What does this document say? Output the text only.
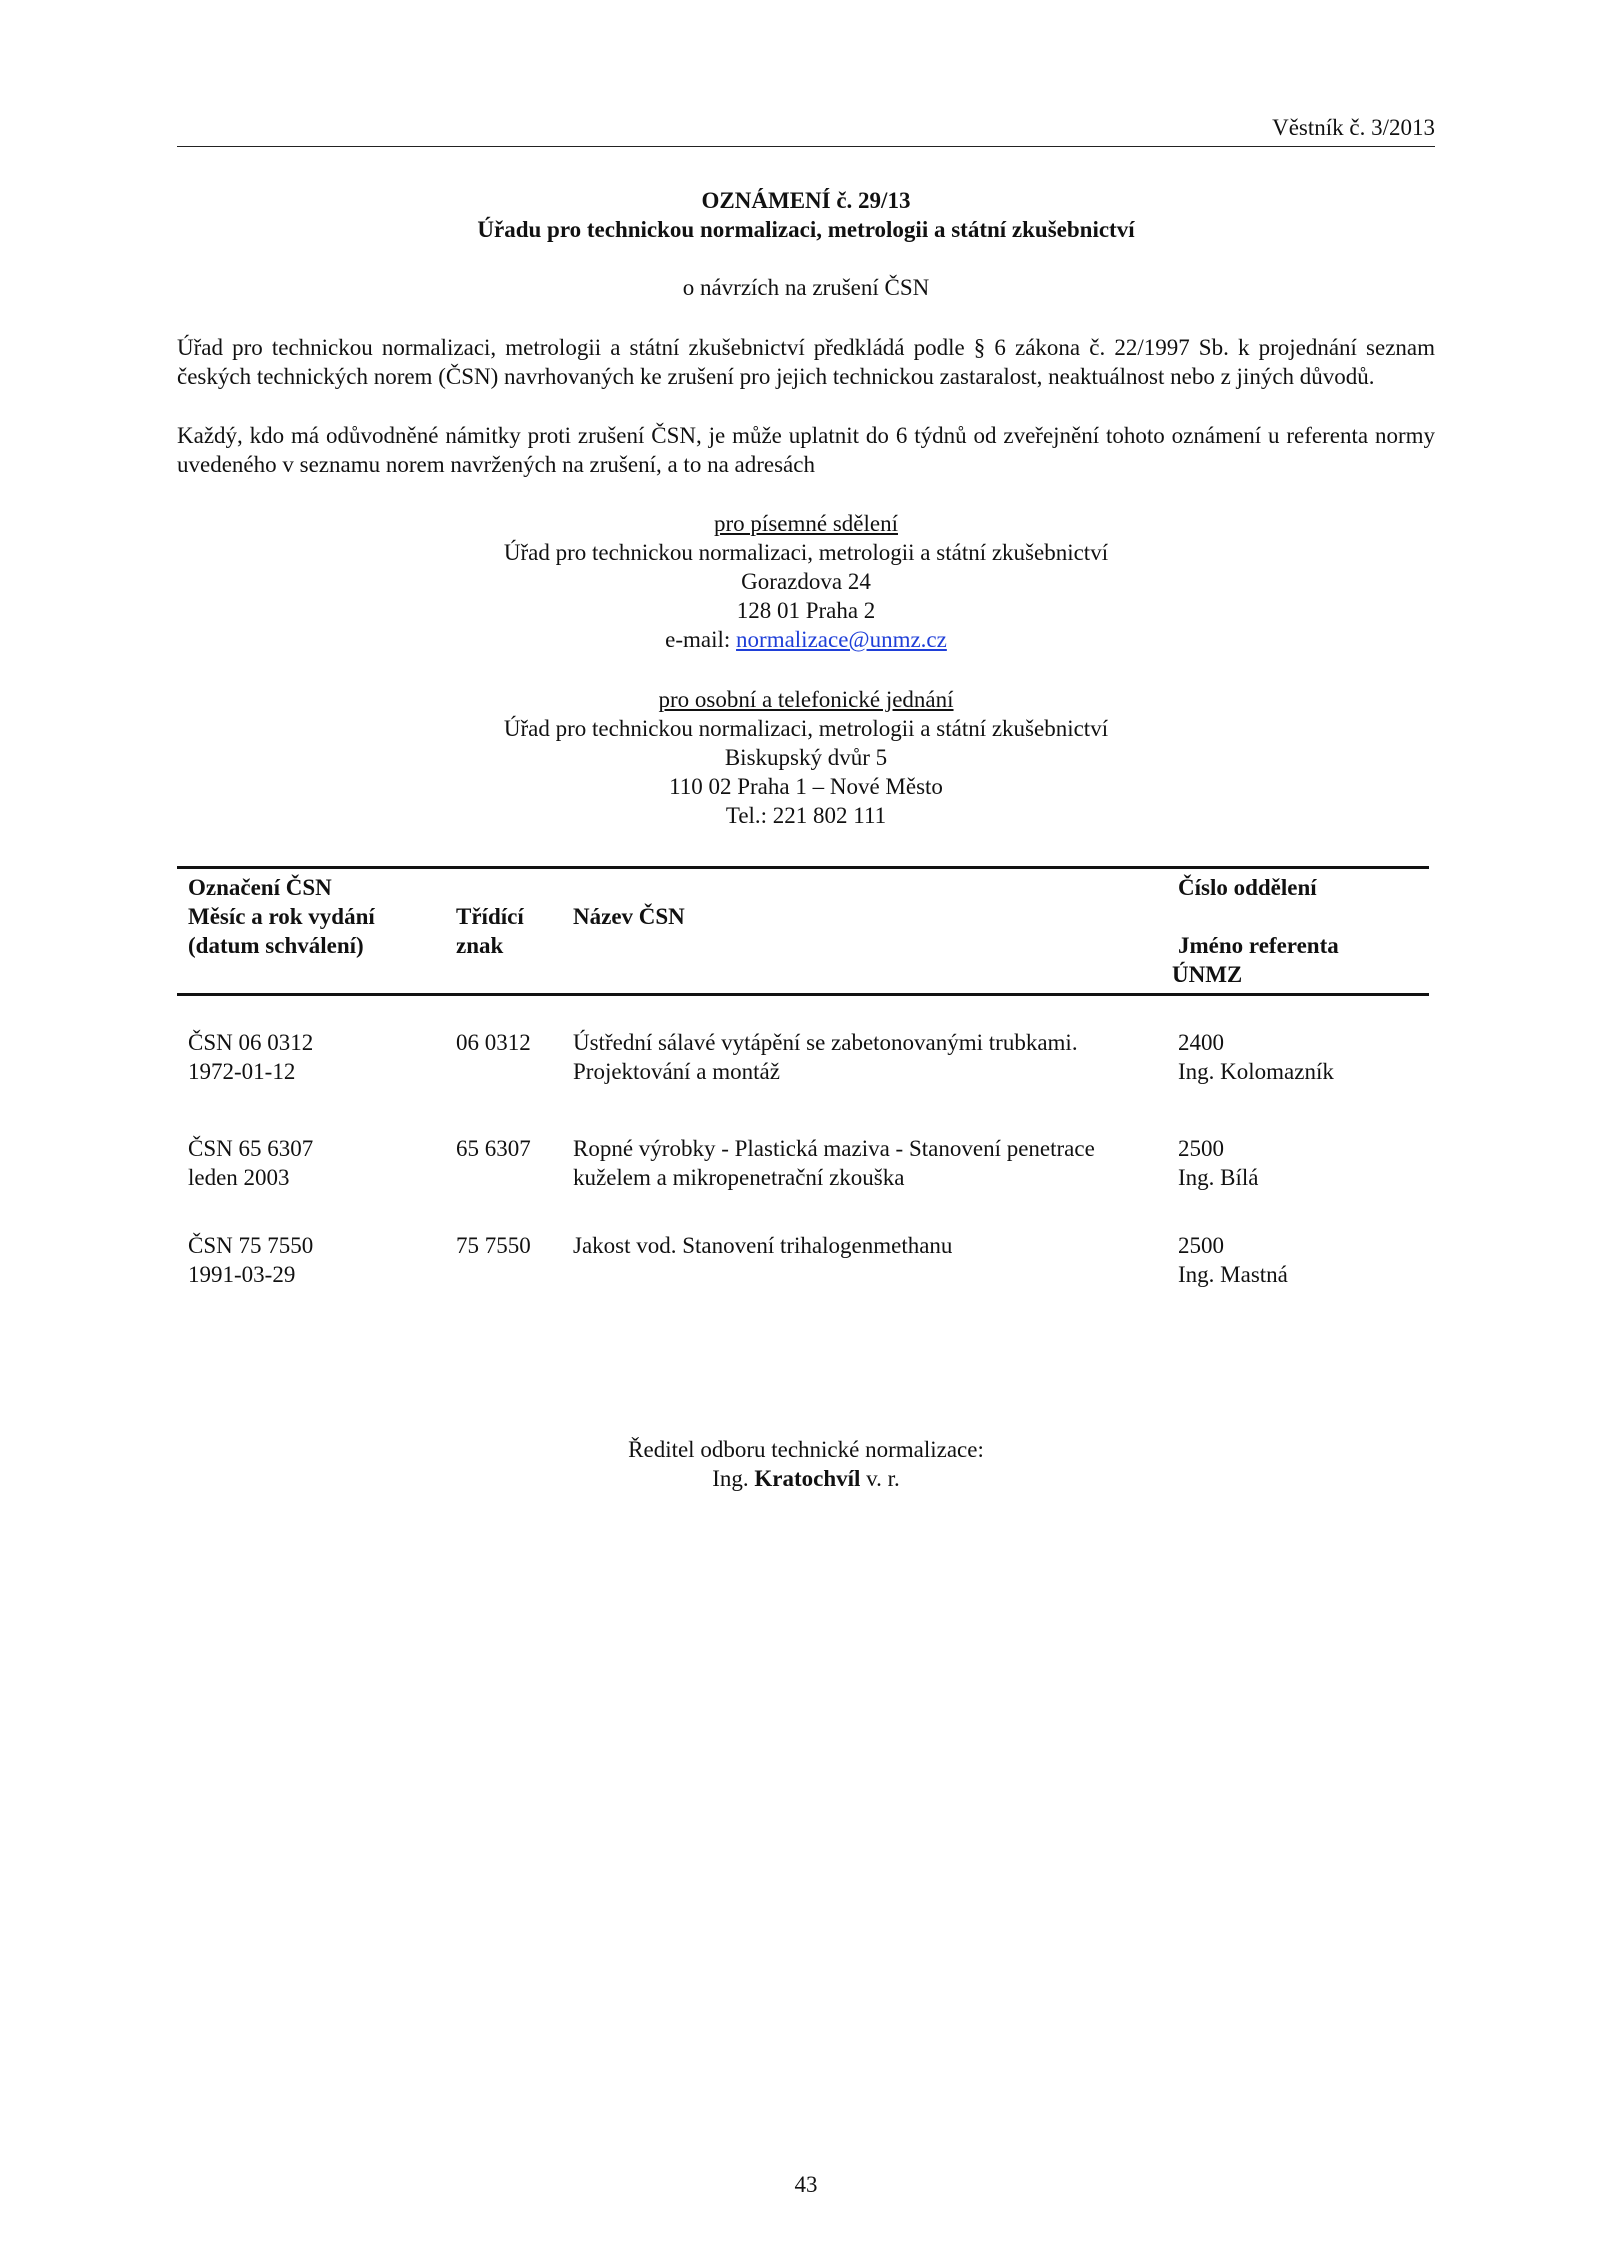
Věstník č. 3/2013
OZNÁMENÍ č. 29/13
Úřadu pro technickou normalizaci, metrologii a státní zkušebnictví
o návrzích na zrušení ČSN
Úřad pro technickou normalizaci, metrologii a státní zkušebnictví předkládá podle § 6 zákona č. 22/1997 Sb. k projednání seznam českých technických norem (ČSN) navrhovaných ke zrušení pro jejich technickou zastaralost, neaktuálnost nebo z jiných důvodů.
Každý, kdo má odůvodněné námitky proti zrušení ČSN, je může uplatnit do 6 týdnů od zveřejnění tohoto oznámení u referenta normy uvedeného v seznamu norem navržených na zrušení, a to na adresách
pro písemné sdělení
Úřad pro technickou normalizaci, metrologii a státní zkušebnictví
Gorazdova 24
128 01 Praha 2
e-mail: normalizace@unmz.cz
pro osobní a telefonické jednání
Úřad pro technickou normalizaci, metrologii a státní zkušebnictví
Biskupský dvůr 5
110 02 Praha 1 – Nové Město
Tel.: 221 802 111
Označení ČSN
Měsíc a rok vydání
(datum schválení)
Třídící
znak
Název ČSN
Číslo oddělení
Jméno referenta
ÚNMZ
ČSN 06 0312
1972-01-12
06 0312 Ústřední sálavé vytápění se zabetonovanými trubkami.
Projektování a montáž
2400
Ing. Kolomazník
ČSN 65 6307
leden 2003
65 6307 Ropné výrobky - Plastická maziva - Stanovení penetrace
kuželem a mikropenetrační zkouška
2500
Ing. Bílá
ČSN 75 7550
1991-03-29
75 7550 Jakost vod. Stanovení trihalogenmethanu	2500
Ing. Mastná
Ředitel odboru technické normalizace:
Ing. Kratochvíl v. r.
43
